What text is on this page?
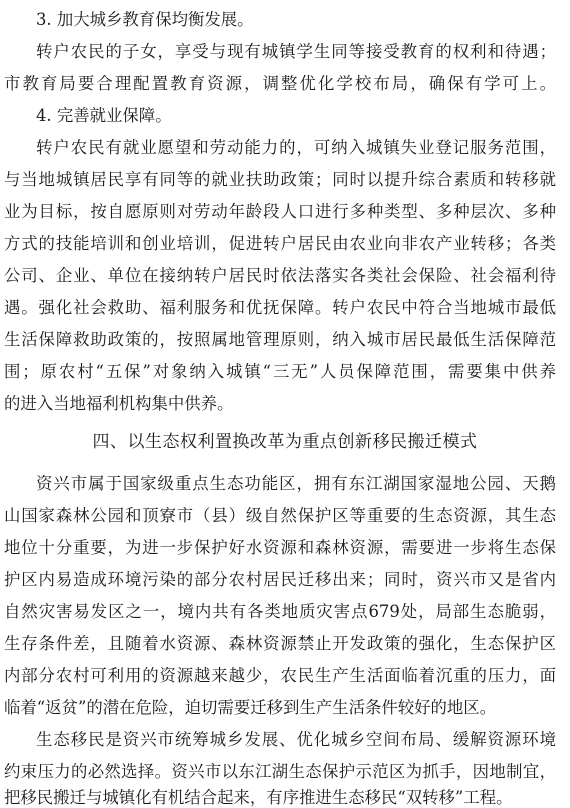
3. 加大城乡教育保均衡发展。
转户农民的子女，享受与现有城镇学生同等接受教育的权利和待遇；
市教育局要合理配置教育资源，调整优化学校布局，确保有学可上。
4. 完善就业保障。
转户农民有就业愿望和劳动能力的，可纳入城镇失业登记服务范围，
与当地城镇居民享有同等的就业扶助政策；同时以提升综合素质和转移就
业为目标，按自愿原则对劳动年龄段人口进行多种类型、多种层次、多种
方式的技能培训和创业培训，促进转户居民由农业向非农产业转移；各类
公司、企业、单位在接纳转户居民时依法落实各类社会保险、社会福利待
遇。强化社会救助、福利服务和优抚保障。转户农民中符合当地城市最低
生活保障救助政策的，按照属地管理原则，纳入城市居民最低生活保障范
围；原农村“五保”对象纳入城镇“三无”人员保障范围，需要集中供养
的进入当地福利机构集中供养。
四、以生态权利置换改革为重点创新移民搬迁模式
资兴市属于国家级重点生态功能区，拥有东江湖国家湿地公园、天鹅
山国家森林公园和顶寮市（县）级自然保护区等重要的生态资源，其生态
地位十分重要，为进一步保护好水资源和森林资源，需要进一步将生态保
护区内易造成环境污染的部分农村居民迁移出来；同时，资兴市又是省内
自然灾害易发区之一，境内共有各类地质灾害点679处，局部生态脆弱，
生存条件差，且随着水资源、森林资源禁止开发政策的强化，生态保护区
内部分农村可利用的资源越来越少，农民生产生活面临着沉重的压力，面
临着“返贫”的潜在危险，迫切需要迁移到生产生活条件较好的地区。
生态移民是资兴市统筹城乡发展、优化城乡空间布局、缓解资源环境
约束压力的必然选择。资兴市以东江湖生态保护示范区为抓手，因地制宜，
把移民搬迁与城镇化有机结合起来，有序推进生态移民“双转移”工程。
